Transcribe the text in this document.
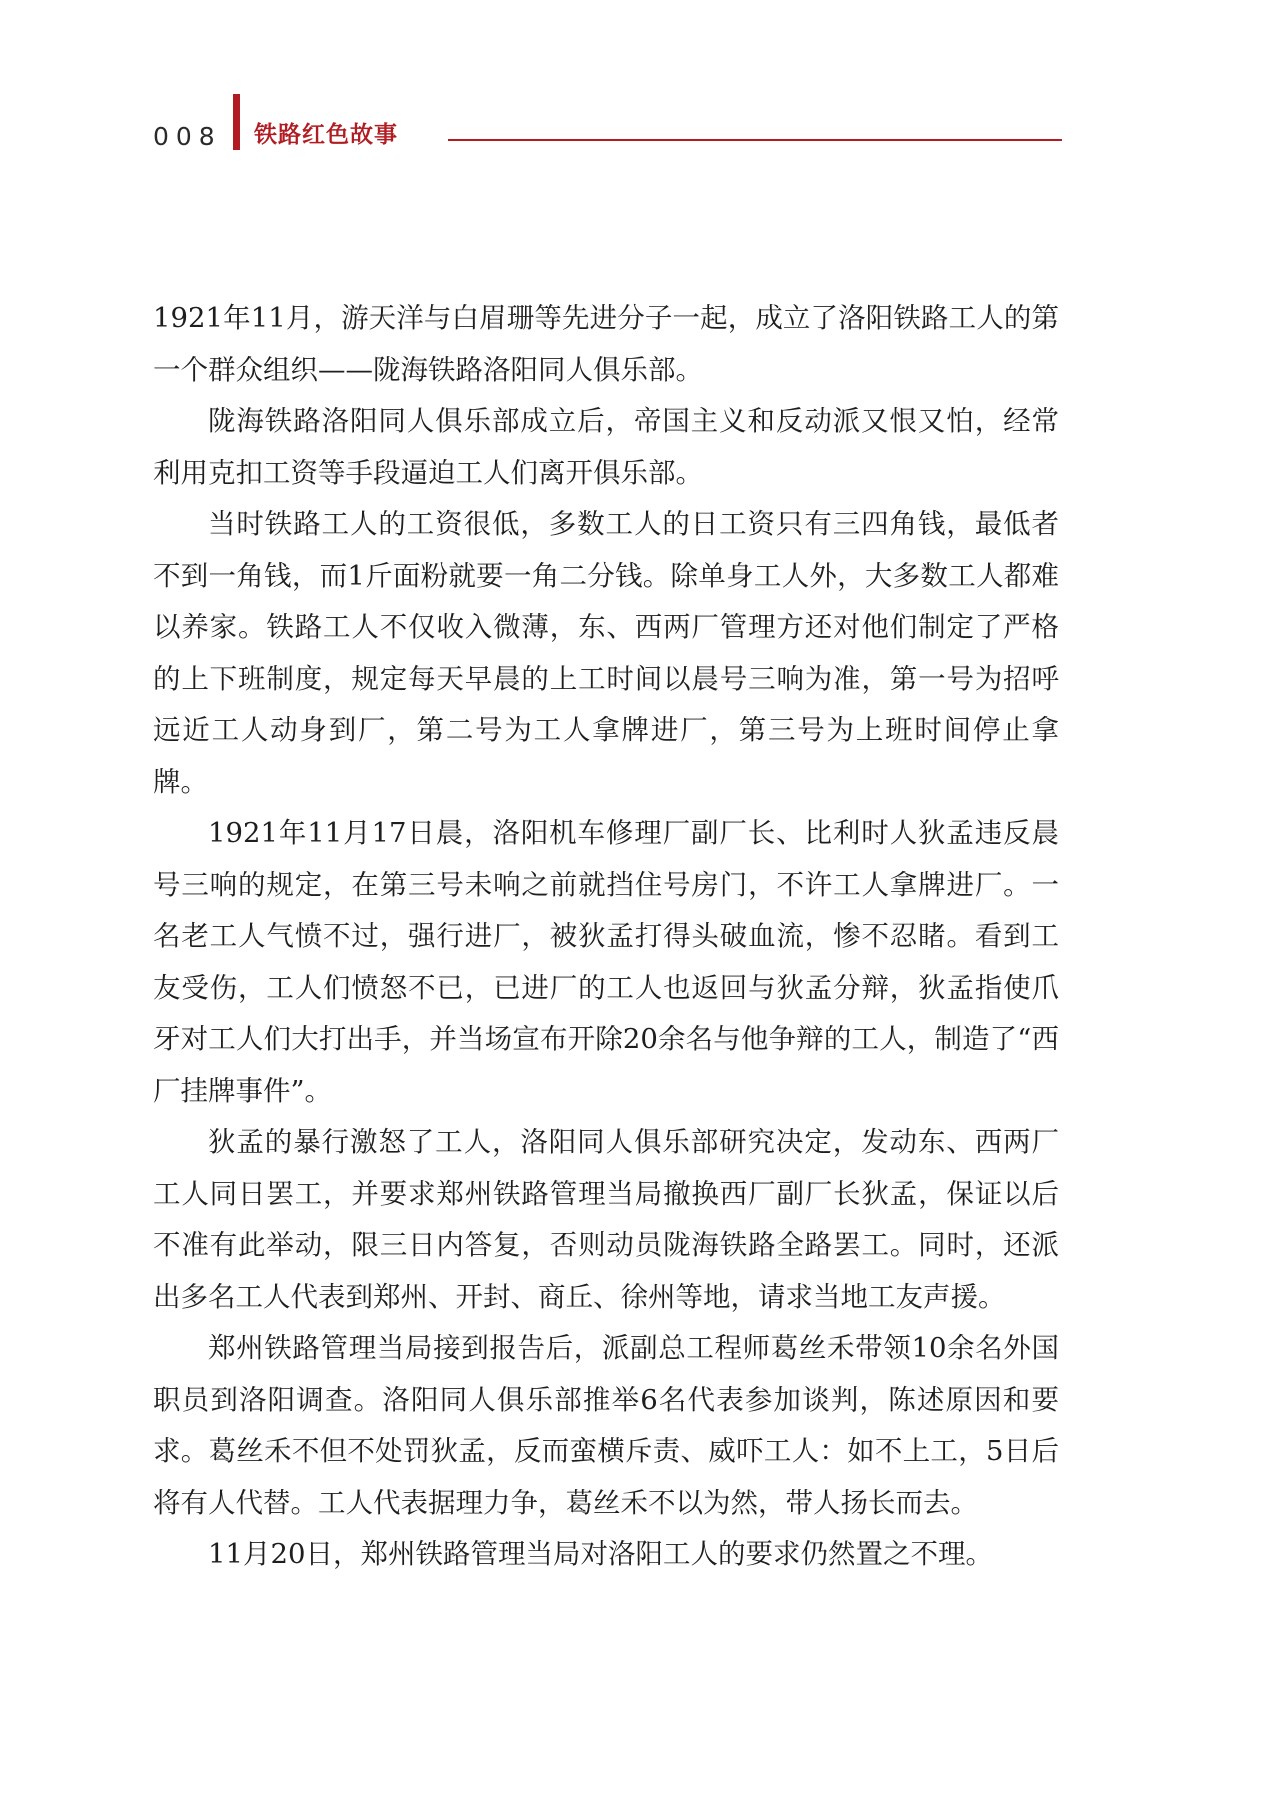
008 铁路红色故事

1921年11月，游天洋与白眉珊等先进分子一起，成立了洛阳铁路工人的第一个群众组织——陇海铁路洛阳同人俱乐部。

陇海铁路洛阳同人俱乐部成立后，帝国主义和反动派又恨又怕，经常利用克扣工资等手段逼迫工人们离开俱乐部。

当时铁路工人的工资很低，多数工人的日工资只有三四角钱，最低者不到一角钱，而1斤面粉就要一角二分钱。除单身工人外，大多数工人都难以养家。铁路工人不仅收入微薄，东、西两厂管理方还对他们制定了严格的上下班制度，规定每天早晨的上工时间以晨号三响为准，第一号为招呼远近工人动身到厂，第二号为工人拿牌进厂，第三号为上班时间停止拿牌。

1921年11月17日晨，洛阳机车修理厂副厂长、比利时人狄孟违反晨号三响的规定，在第三号未响之前就挡住号房门，不许工人拿牌进厂。一名老工人气愤不过，强行进厂，被狄孟打得头破血流，惨不忍睹。看到工友受伤，工人们愤怒不已，已进厂的工人也返回与狄孟分辩，狄孟指使爪牙对工人们大打出手，并当场宣布开除20余名与他争辩的工人，制造了“西厂挂牌事件”。

狄孟的暴行激怒了工人，洛阳同人俱乐部研究决定，发动东、西两厂工人同日罢工，并要求郑州铁路管理当局撤换西厂副厂长狄孟，保证以后不准有此举动，限三日内答复，否则动员陇海铁路全路罢工。同时，还派出多名工人代表到郑州、开封、商丘、徐州等地，请求当地工友声援。

郑州铁路管理当局接到报告后，派副总工程师葛丝禾带领10余名外国职员到洛阳调查。洛阳同人俱乐部推举6名代表参加谈判，陈述原因和要求。葛丝禾不但不处罚狄孟，反而蛮横斥责、威吓工人：如不上工，5日后将有人代替。工人代表据理力争，葛丝禾不以为然，带人扬长而去。

11月20日，郑州铁路管理当局对洛阳工人的要求仍然置之不理。
